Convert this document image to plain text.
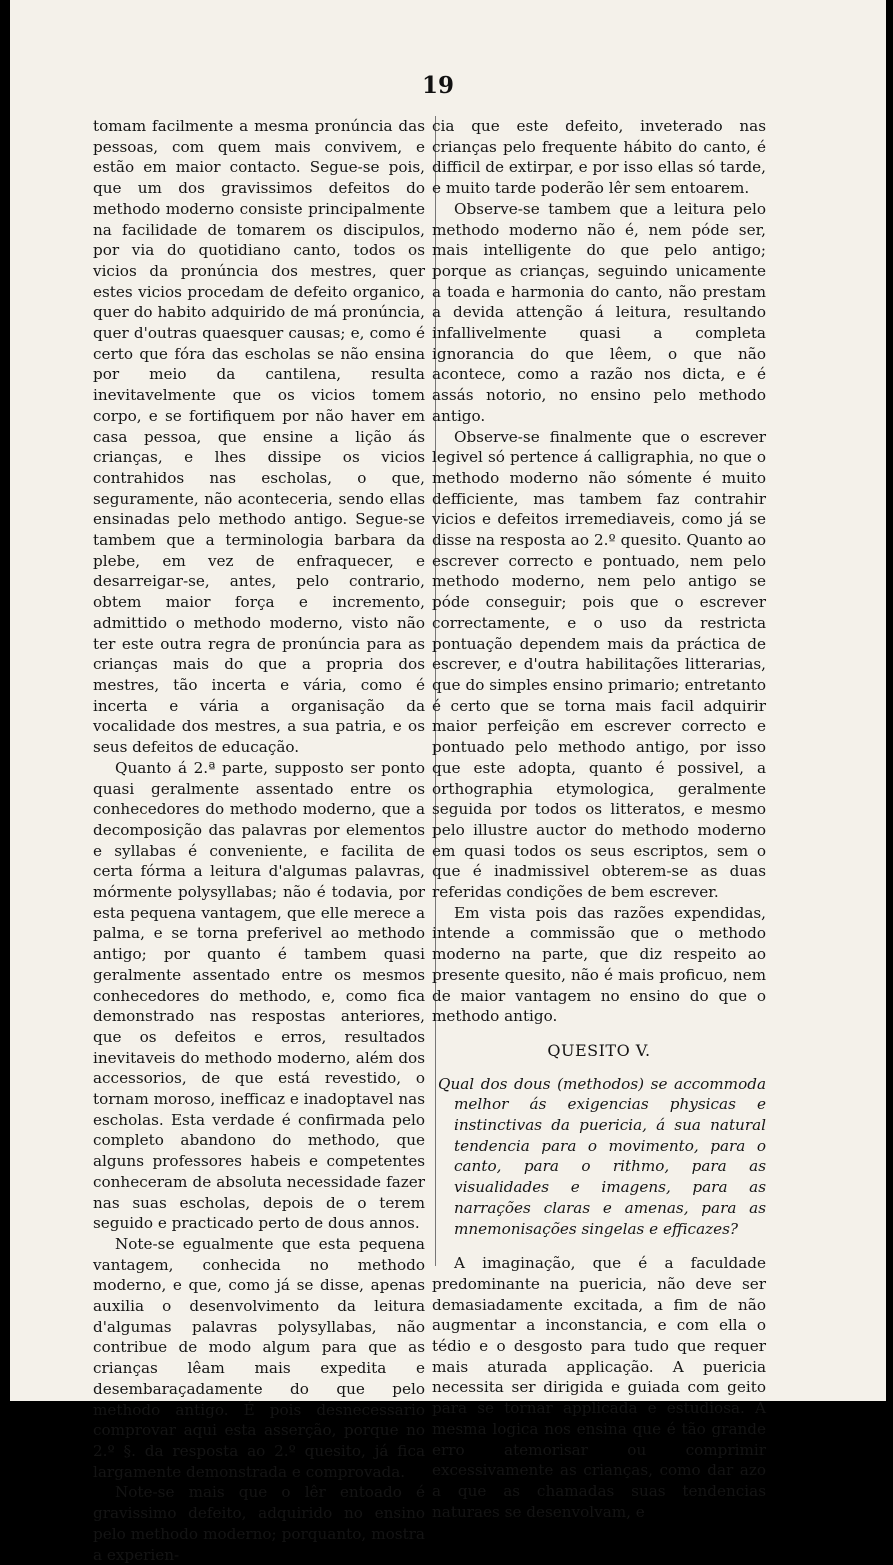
19

tomam facilmente a mesma pronúncia das pessoas, com quem mais convivem, e estão em maior contacto. Segue-se pois, que um dos gravissimos defeitos do methodo moderno consiste principalmente na facilidade de tomarem os discipulos, por via do quotidiano canto, todos os vicios da pronúncia dos mestres, quer estes vicios procedam de defeito organico, quer do habito adquirido de má pronúncia, quer d'outras quaesquer causas; e, como é certo que fóra das escholas se não ensina por meio da cantilena, resulta inevitavelmente que os vicios tomem corpo, e se fortifiquem por não haver em casa pessoa, que ensine a lição ás crianças, e lhes dissipe os vicios contrahidos nas escholas, o que, seguramente, não aconteceria, sendo ellas ensinadas pelo methodo antigo. Segue-se tambem que a terminologia barbara da plebe, em vez de enfraquecer, e desarreigar-se, antes, pelo contrario, obtem maior força e incremento, admittido o methodo moderno, visto não ter este outra regra de pronúncia para as crianças mais do que a propria dos mestres, tão incerta e vária, como é incerta e vária a organisação da vocalidade dos mestres, a sua patria, e os seus defeitos de educação.

Quanto á 2.ª parte, supposto ser ponto quasi geralmente assentado entre os conhecedores do methodo moderno, que a decomposição das palavras por elementos e syllabas é conveniente, e facilita de certa fórma a leitura d'algumas palavras, mórmente polysyllabas; não é todavia, por esta pequena vantagem, que elle merece a palma, e se torna preferivel ao methodo antigo; por quanto é tambem quasi geralmente assentado entre os mesmos conhecedores do methodo, e, como fica demonstrado nas respostas anteriores, que os defeitos e erros, resultados inevitaveis do methodo moderno, além dos accessorios, de que está revestido, o tornam moroso, inefficaz e inadoptavel nas escholas. Esta verdade é confirmada pelo completo abandono do methodo, que alguns professores habeis e competentes conheceram de absoluta necessidade fazer nas suas escholas, depois de o terem seguido e practicado perto de dous annos.

Note-se egualmente que esta pequena vantagem, conhecida no methodo moderno, e que, como já se disse, apenas auxilia o desenvolvimento da leitura d'algumas palavras polysyllabas, não contribue de modo algum para que as crianças lêam mais expedita e desembaraçadamente do que pelo methodo antigo. É pois desnecessario comprovar aqui esta asserção, porque no 2.º §. da resposta ao 2.º quesito, já fica largamente demonstrada e comprovada.

Note-se mais que o lêr entoado é gravissimo defeito, adquirido no ensino pelo methodo moderno; porquanto, mostra a experien-

cia que este defeito, inveterado nas crianças pelo frequente hábito do canto, é difficil de extirpar, e por isso ellas só tarde, e muito tarde poderão lêr sem entoarem.

Observe-se tambem que a leitura pelo methodo moderno não é, nem póde ser, mais intelligente do que pelo antigo; porque as crianças, seguindo unicamente a toada e harmonia do canto, não prestam a devida attenção á leitura, resultando infallivelmente quasi a completa ignorancia do que lêem, o que não acontece, como a razão nos dicta, e é assás notorio, no ensino pelo methodo antigo.

Observe-se finalmente que o escrever legivel só pertence á calligraphia, no que o methodo moderno não sómente é muito defficiente, mas tambem faz contrahir vicios e defeitos irremediaveis, como já se disse na resposta ao 2.º quesito. Quanto ao escrever correcto e pontuado, nem pelo methodo moderno, nem pelo antigo se póde conseguir; pois que o escrever correctamente, e o uso da restricta pontuação dependem mais da práctica de escrever, e d'outra habilitações litterarias, que do simples ensino primario; entretanto é certo que se torna mais facil adquirir maior perfeição em escrever correcto e pontuado pelo methodo antigo, por isso que este adopta, quanto é possivel, a orthographia etymologica, geralmente seguida por todos os litteratos, e mesmo pelo illustre auctor do methodo moderno em quasi todos os seus escriptos, sem o que é inadmissivel obterem-se as duas referidas condições de bem escrever.

Em vista pois das razões expendidas, intende a commissão que o methodo moderno na parte, que diz respeito ao presente quesito, não é mais proficuo, nem de maior vantagem no ensino do que o methodo antigo.

QUESITO V.

Qual dos dous (methodos) se accommoda melhor ás exigencias physicas e instinctivas da puericia, á sua natural tendencia para o movimento, para o canto, para o rithmo, para as visualidades e imagens, para as narrações claras e amenas, para as mnemonisações singelas e efficazes?

A imaginação, que é a faculdade predominante na puericia, não deve ser demasiadamente excitada, a fim de não augmentar a inconstancia, e com ella o tédio e o desgosto para tudo que requer mais aturada applicação. A puericia necessita ser dirigida e guiada com geito para se tornar applicada e estudiosa. A mesma logica nos ensina que é tão grande erro atemorisar ou comprimir excessivamente as crianças, como dar azo a que as chamadas suas tendencias naturaes se desenvolvam, e
